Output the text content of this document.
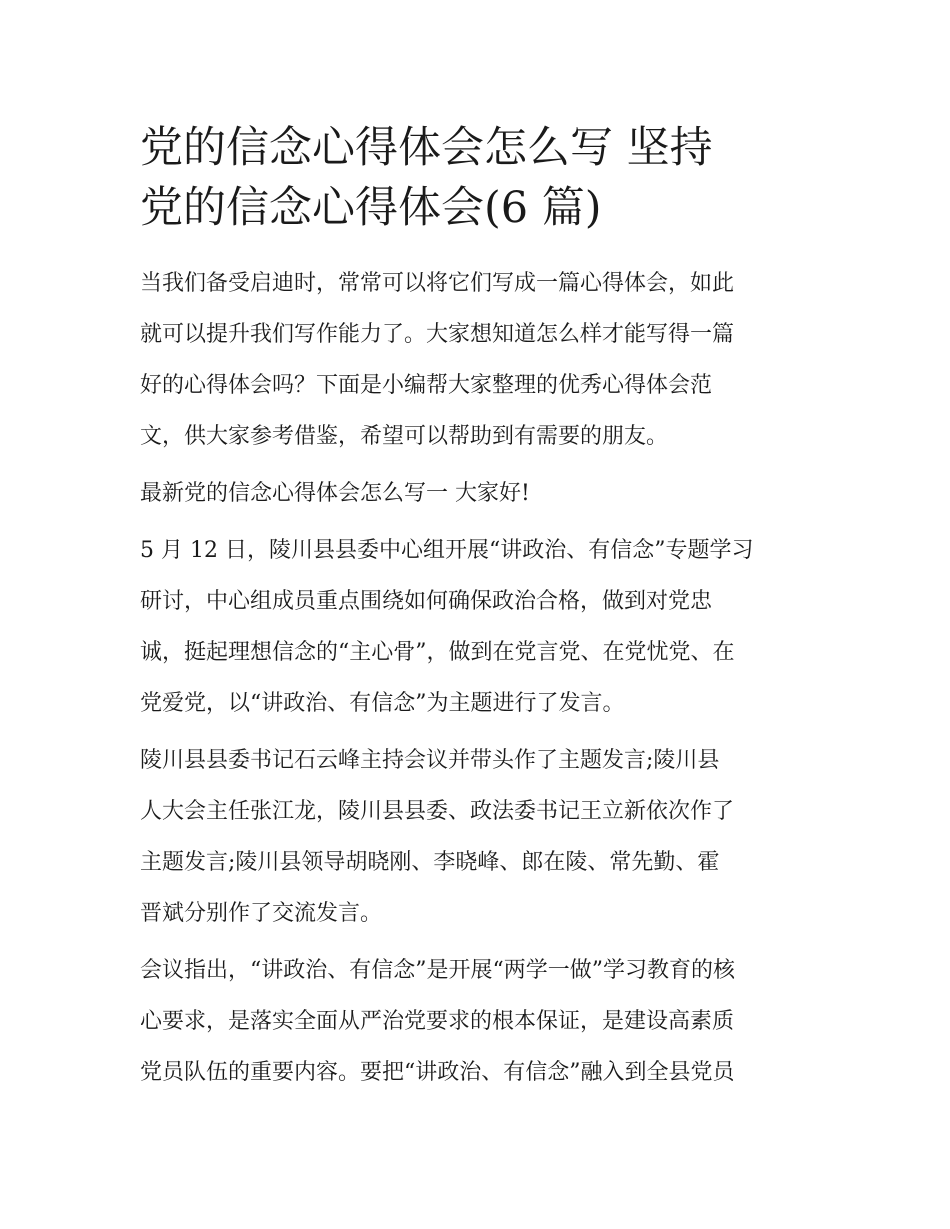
党的信念心得体会怎么写 坚持
党的信念心得体会(6 篇)

当我们备受启迪时，常常可以将它们写成一篇心得体会，如此
就可以提升我们写作能力了。大家想知道怎么样才能写得一篇
好的心得体会吗？下面是小编帮大家整理的优秀心得体会范
文，供大家参考借鉴，希望可以帮助到有需要的朋友。

最新党的信念心得体会怎么写一 大家好!

5 月 12 日，陵川县县委中心组开展“讲政治、有信念”专题学习
研讨，中心组成员重点围绕如何确保政治合格，做到对党忠
诚，挺起理想信念的“主心骨”，做到在党言党、在党忧党、在
党爱党，以“讲政治、有信念”为主题进行了发言。

陵川县县委书记石云峰主持会议并带头作了主题发言;陵川县
人大会主任张江龙，陵川县县委、政法委书记王立新依次作了
主题发言;陵川县领导胡晓刚、李晓峰、郎在陵、常先勤、霍
晋斌分别作了交流发言。

会议指出，“讲政治、有信念”是开展“两学一做”学习教育的核
心要求，是落实全面从严治党要求的根本保证，是建设高素质
党员队伍的重要内容。要把“讲政治、有信念”融入到全县党员
